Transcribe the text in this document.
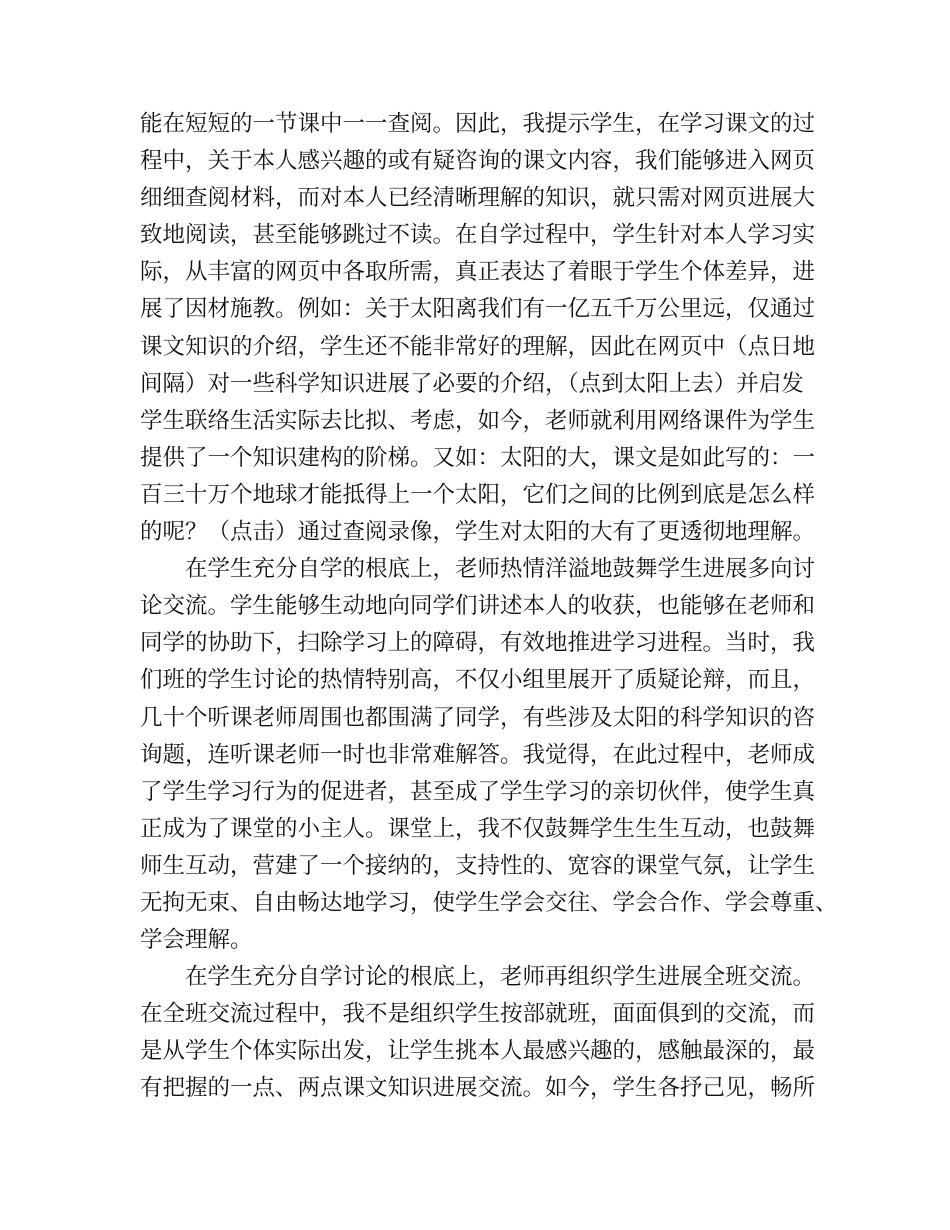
能在短短的一节课中一一查阅。因此，我提示学生，在学习课文的过
程中，关于本人感兴趣的或有疑咨询的课文内容，我们能够进入网页
细细查阅材料，而对本人已经清晰理解的知识，就只需对网页进展大
致地阅读，甚至能够跳过不读。在自学过程中，学生针对本人学习实
际，从丰富的网页中各取所需，真正表达了着眼于学生个体差异，进
展了因材施教。例如：关于太阳离我们有一亿五千万公里远，仅通过
课文知识的介绍，学生还不能非常好的理解，因此在网页中（点日地
间隔）对一些科学知识进展了必要的介绍，（点到太阳上去）并启发
学生联络生活实际去比拟、考虑，如今，老师就利用网络课件为学生
提供了一个知识建构的阶梯。又如：太阳的大，课文是如此写的：一
百三十万个地球才能抵得上一个太阳，它们之间的比例到底是怎么样
的呢？（点击）通过查阅录像，学生对太阳的大有了更透彻地理解。
在学生充分自学的根底上，老师热情洋溢地鼓舞学生进展多向讨
论交流。学生能够生动地向同学们讲述本人的收获，也能够在老师和
同学的协助下，扫除学习上的障碍，有效地推进学习进程。当时，我
们班的学生讨论的热情特别高，不仅小组里展开了质疑论辩，而且，
几十个听课老师周围也都围满了同学，有些涉及太阳的科学知识的咨
询题，连听课老师一时也非常难解答。我觉得，在此过程中，老师成
了学生学习行为的促进者，甚至成了学生学习的亲切伙伴，使学生真
正成为了课堂的小主人。课堂上，我不仅鼓舞学生生生互动，也鼓舞
师生互动，营建了一个接纳的，支持性的、宽容的课堂气氛，让学生
无拘无束、自由畅达地学习，使学生学会交往、学会合作、学会尊重、
学会理解。
在学生充分自学讨论的根底上，老师再组织学生进展全班交流。
在全班交流过程中，我不是组织学生按部就班，面面俱到的交流，而
是从学生个体实际出发，让学生挑本人最感兴趣的，感触最深的，最
有把握的一点、两点课文知识进展交流。如今，学生各抒己见，畅所
